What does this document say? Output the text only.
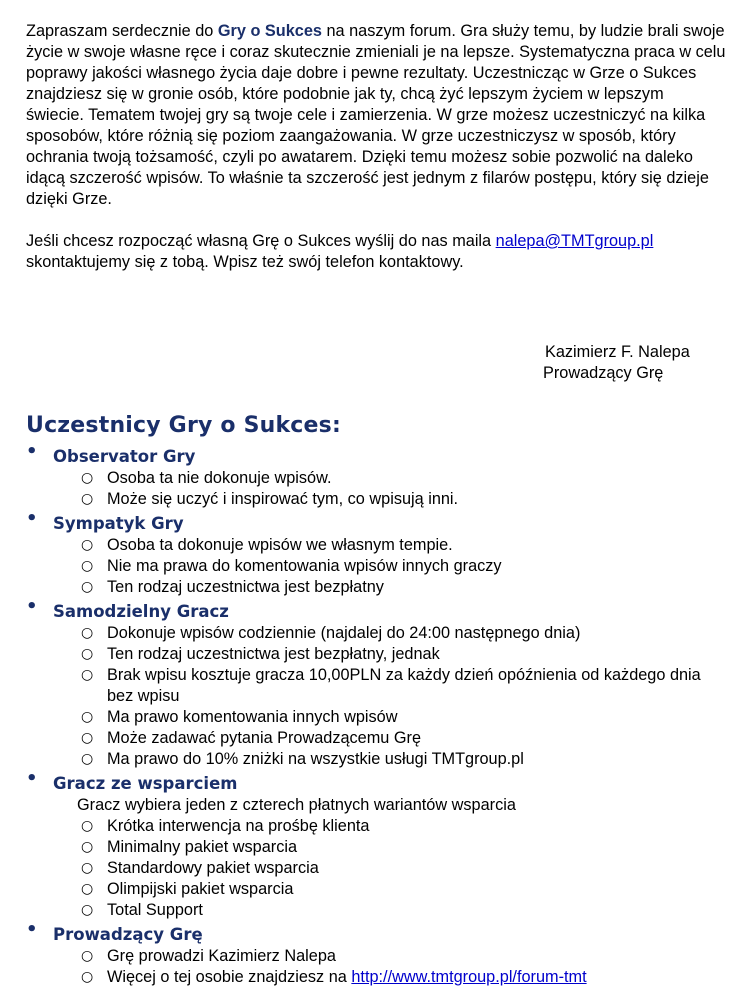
Zapraszam serdecznie do Gry o Sukces na naszym forum. Gra służy temu, by ludzie brali swoje życie w swoje własne ręce i coraz skutecznie zmieniali je na lepsze. Systematyczna praca w celu poprawy jakości własnego życia daje dobre i pewne rezultaty. Uczestnicząc w Grze o Sukces znajdziesz się w gronie osób, które podobnie jak ty, chcą żyć lepszym życiem w lepszym świecie. Tematem twojej gry są twoje cele i zamierzenia. W grze możesz uczestniczyć na kilka sposobów, które różnią się poziom zaangażowania. W grze uczestniczysz w sposób, który ochrania twoją tożsamość, czyli po awatarem. Dzięki temu możesz sobie pozwolić na daleko idącą szczerość wpisów. To właśnie ta szczerość jest jednym z filarów postępu, który się dzieje dzięki Grze.

Jeśli chcesz rozpocząć własną Grę o Sukces wyślij do nas maila nalepa@TMTgroup.pl skontaktujemy się z tobą. Wpisz też swój telefon kontaktowy.

Kazimierz F. Nalepa
Prowadzący Grę
Uczestnicy Gry o Sukces:
• Observator Gry
○ Osoba ta nie dokonuje wpisów.
○ Może się uczyć i inspirować tym, co wpisują inni.
• Sympatyk Gry
○ Osoba ta dokonuje wpisów we własnym tempie.
○ Nie ma prawa do komentowania wpisów innych graczy
○ Ten rodzaj uczestnictwa jest bezpłatny
• Samodzielny Gracz
○ Dokonuje wpisów codziennie (najdalej do 24:00 następnego dnia)
○ Ten rodzaj uczestnictwa jest bezpłatny, jednak
○ Brak wpisu kosztuje gracza 10,00PLN za każdy dzień opóźnienia od każdego dnia bez wpisu
○ Ma prawo komentowania innych wpisów
○ Może zadawać pytania Prowadzącemu Grę
○ Ma prawo do 10% zniżki na wszystkie usługi TMTgroup.pl
• Gracz ze wsparciem
Gracz wybiera jeden z czterech płatnych wariantów wsparcia
○ Krótka interwencja na prośbę klienta
○ Minimalny pakiet wsparcia
○ Standardowy pakiet wsparcia
○ Olimpijski pakiet wsparcia
○ Total Support
• Prowadzący Grę
○ Grę prowadzi Kazimierz Nalepa
○ Więcej o tej osobie znajdziesz na http://www.tmtgroup.pl/forum-tmt
